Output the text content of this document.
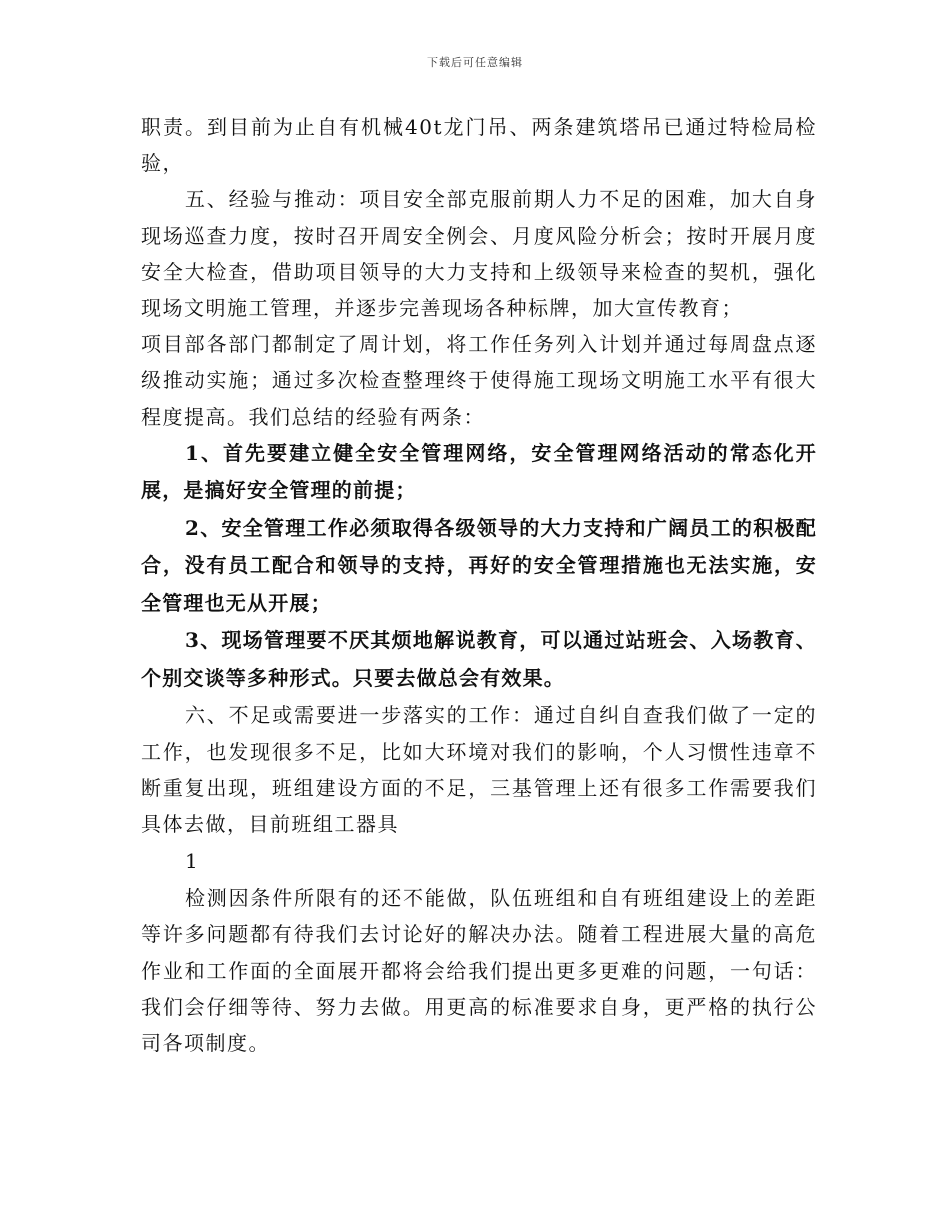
下载后可任意编辑

职责。到目前为止自有机械40t龙门吊、两条建筑塔吊已通过特检局检验，

五、经验与推动：项目安全部克服前期人力不足的困难，加大自身现场巡查力度，按时召开周安全例会、月度风险分析会；按时开展月度安全大检查，借助项目领导的大力支持和上级领导来检查的契机，强化现场文明施工管理，并逐步完善现场各种标牌，加大宣传教育；

项目部各部门都制定了周计划，将工作任务列入计划并通过每周盘点逐级推动实施；通过多次检查整理终于使得施工现场文明施工水平有很大程度提高。我们总结的经验有两条：

1、首先要建立健全安全管理网络，安全管理网络活动的常态化开展，是搞好安全管理的前提；

2、安全管理工作必须取得各级领导的大力支持和广阔员工的积极配合，没有员工配合和领导的支持，再好的安全管理措施也无法实施，安全管理也无从开展；

3、现场管理要不厌其烦地解说教育，可以通过站班会、入场教育、个别交谈等多种形式。只要去做总会有效果。

六、不足或需要进一步落实的工作：通过自纠自查我们做了一定的工作，也发现很多不足，比如大环境对我们的影响，个人习惯性违章不断重复出现，班组建设方面的不足，三基管理上还有很多工作需要我们具体去做，目前班组工器具

1

检测因条件所限有的还不能做，队伍班组和自有班组建设上的差距等许多问题都有待我们去讨论好的解决办法。随着工程进展大量的高危作业和工作面的全面展开都将会给我们提出更多更难的问题，一句话：我们会仔细等待、努力去做。用更高的标准要求自身，更严格的执行公司各项制度。
